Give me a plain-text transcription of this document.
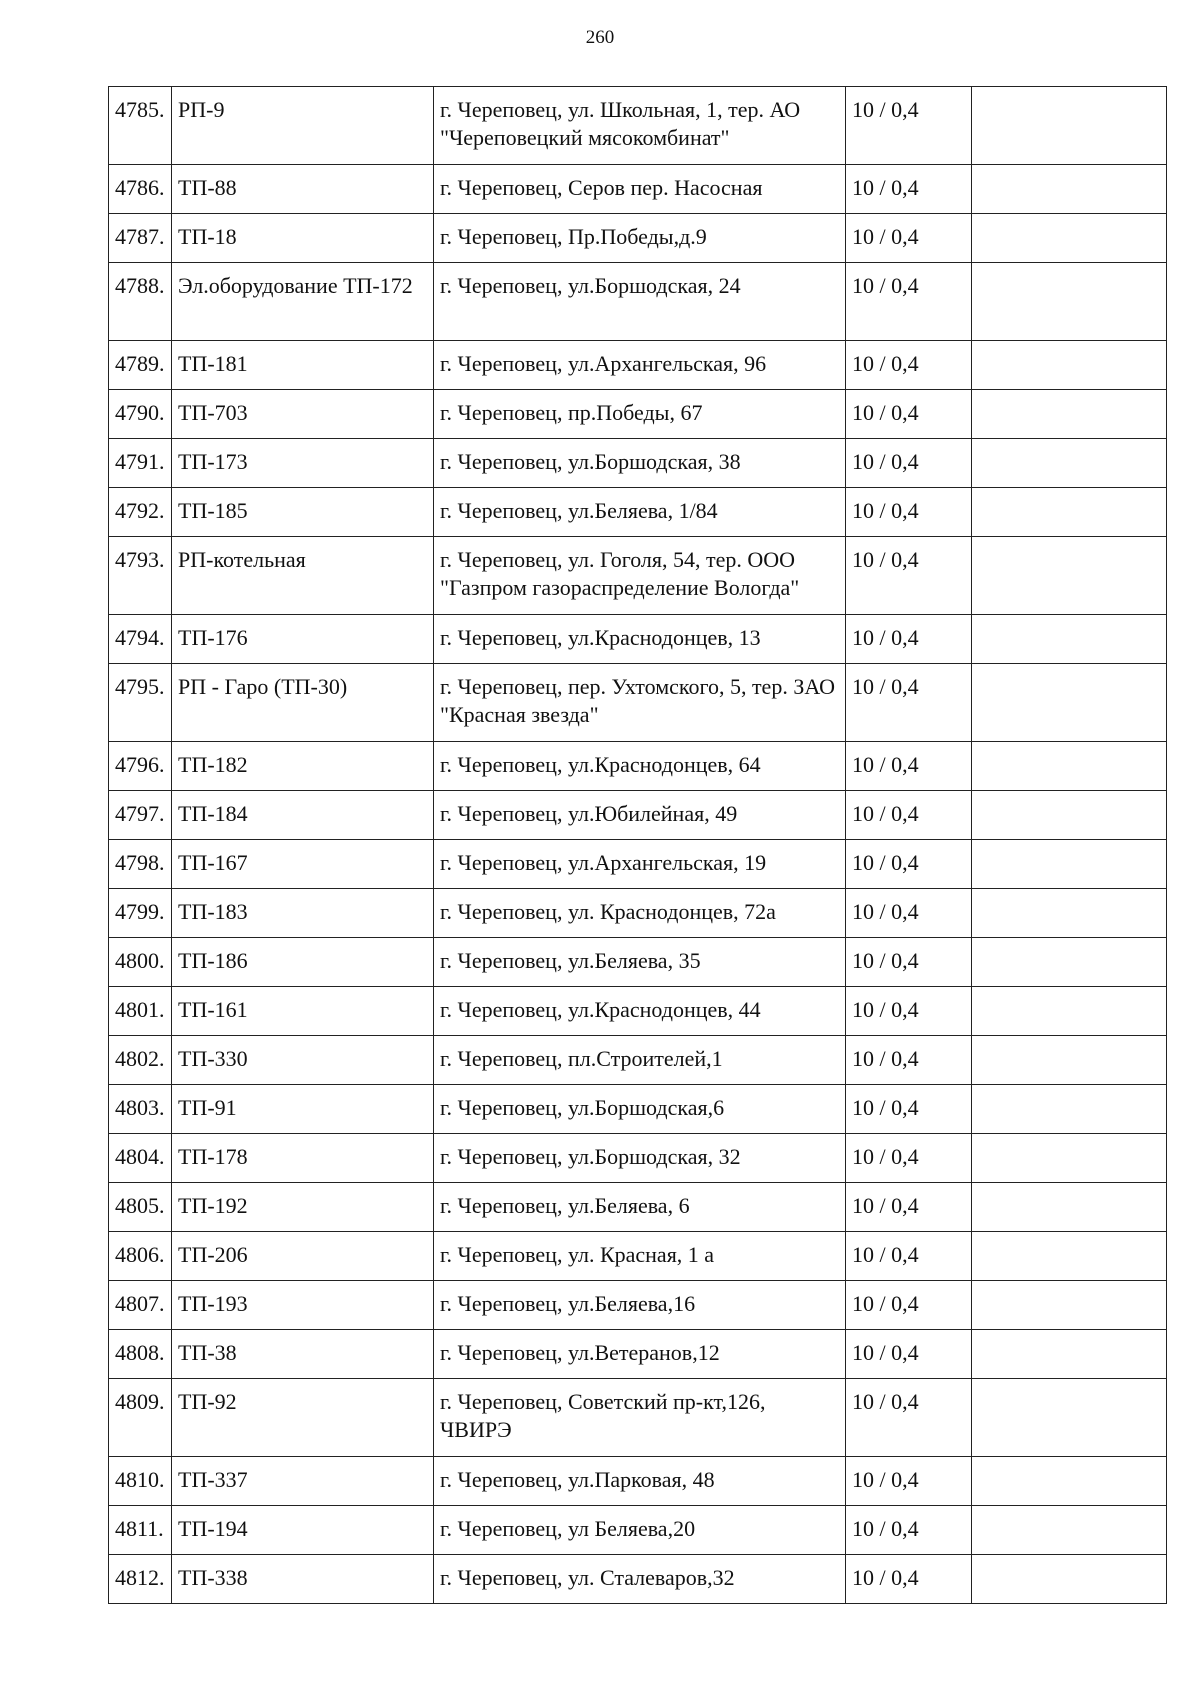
260
4785.	РП-9	г. Череповец, ул. Школьная, 1, тер. АО "Череповецкий мясокомбинат"	10 / 0,4	
4786.	ТП-88	г. Череповец, Серов пер. Насосная	10 / 0,4	
4787.	ТП-18	г. Череповец, Пр.Победы,д.9	10 / 0,4	
4788.	Эл.оборудование ТП-172	г. Череповец, ул.Боршодская, 24	10 / 0,4	
4789.	ТП-181	г. Череповец, ул.Архангельская, 96	10 / 0,4	
4790.	ТП-703	г. Череповец, пр.Победы, 67	10 / 0,4	
4791.	ТП-173	г. Череповец, ул.Боршодская, 38	10 / 0,4	
4792.	ТП-185	г. Череповец, ул.Беляева, 1/84	10 / 0,4	
4793.	РП-котельная	г. Череповец, ул. Гоголя, 54, тер. ООО "Газпром газораспределение Вологда"	10 / 0,4	
4794.	ТП-176	г. Череповец, ул.Краснодонцев, 13	10 / 0,4	
4795.	РП - Гаро (ТП-30)	г. Череповец, пер. Ухтомского, 5, тер. ЗАО "Красная звезда"	10 / 0,4	
4796.	ТП-182	г. Череповец, ул.Краснодонцев, 64	10 / 0,4	
4797.	ТП-184	г. Череповец, ул.Юбилейная, 49	10 / 0,4	
4798.	ТП-167	г. Череповец, ул.Архангельская, 19	10 / 0,4	
4799.	ТП-183	г. Череповец, ул. Краснодонцев, 72а	10 / 0,4	
4800.	ТП-186	г. Череповец, ул.Беляева, 35	10 / 0,4	
4801.	ТП-161	г. Череповец, ул.Краснодонцев, 44	10 / 0,4	
4802.	ТП-330	г. Череповец, пл.Строителей,1	10 / 0,4	
4803.	ТП-91	г. Череповец, ул.Боршодская,6	10 / 0,4	
4804.	ТП-178	г. Череповец, ул.Боршодская, 32	10 / 0,4	
4805.	ТП-192	г. Череповец, ул.Беляева, 6	10 / 0,4	
4806.	ТП-206	г. Череповец, ул. Красная, 1 а	10 / 0,4	
4807.	ТП-193	г. Череповец, ул.Беляева,16	10 / 0,4	
4808.	ТП-38	г. Череповец, ул.Ветеранов,12	10 / 0,4	
4809.	ТП-92	г. Череповец, Советский пр-кт,126, ЧВИРЭ	10 / 0,4	
4810.	ТП-337	г. Череповец, ул.Парковая, 48	10 / 0,4	
4811.	ТП-194	г. Череповец, ул Беляева,20	10 / 0,4	
4812.	ТП-338	г. Череповец, ул. Сталеваров,32	10 / 0,4	
